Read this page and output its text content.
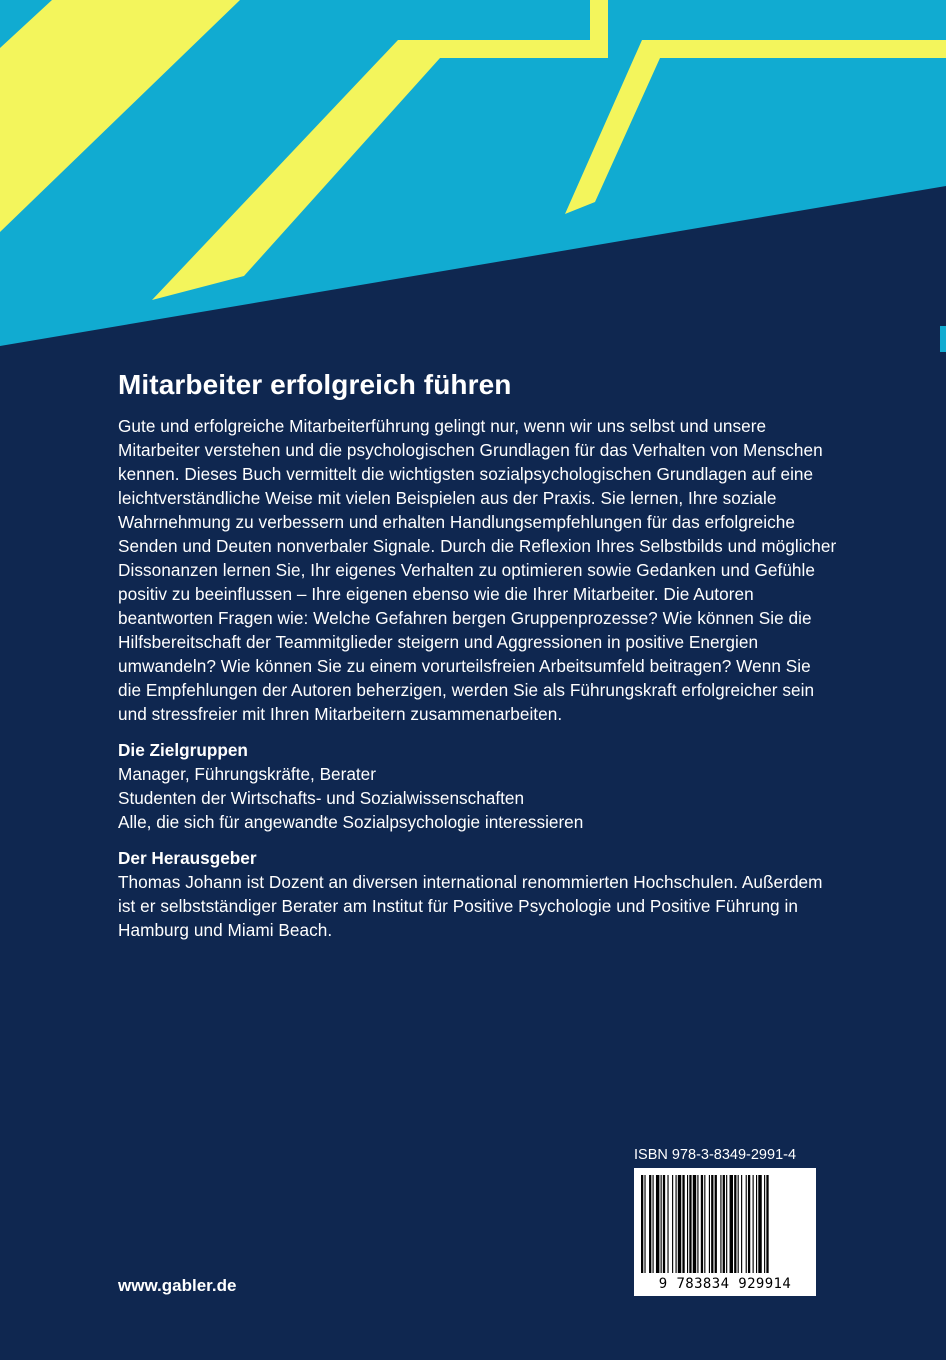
Mitarbeiter erfolgreich führen

Gute und erfolgreiche Mitarbeiterführung gelingt nur, wenn wir uns selbst und unsere Mitarbeiter verstehen und die psychologischen Grundlagen für das Verhalten von Menschen kennen. Dieses Buch vermittelt die wichtigsten sozialpsychologischen Grundlagen auf eine leichtverständliche Weise mit vielen Beispielen aus der Praxis. Sie lernen, Ihre soziale Wahrnehmung zu verbessern und erhalten Handlungsempfehlungen für das erfolgreiche Senden und Deuten nonverbaler Signale. Durch die Reflexion Ihres Selbstbilds und möglicher Dissonanzen lernen Sie, Ihr eigenes Verhalten zu optimieren sowie Gedanken und Gefühle positiv zu beeinflussen – Ihre eigenen ebenso wie die Ihrer Mitarbeiter. Die Autoren beantworten Fragen wie: Welche Gefahren bergen Gruppenprozesse? Wie können Sie die Hilfsbereitschaft der Teammitglieder steigern und Aggressionen in positive Energien umwandeln? Wie können Sie zu einem vorurteilsfreien Arbeitsumfeld beitragen? Wenn Sie die Empfehlungen der Autoren beherzigen, werden Sie als Führungskraft erfolgreicher sein und stressfreier mit Ihren Mitarbeitern zusammenarbeiten.

Die Zielgruppen
Manager, Führungskräfte, Berater
Studenten der Wirtschafts- und Sozialwissenschaften
Alle, die sich für angewandte Sozialpsychologie interessieren
Der Herausgeber

Thomas Johann ist Dozent an diversen international renommierten Hochschulen. Außerdem ist er selbstständiger Berater am Institut für Positive Psychologie und Positive Führung in Hamburg und Miami Beach.

ISBN 978-3-8349-2991-4
9 783834 929914
www.gabler.de
